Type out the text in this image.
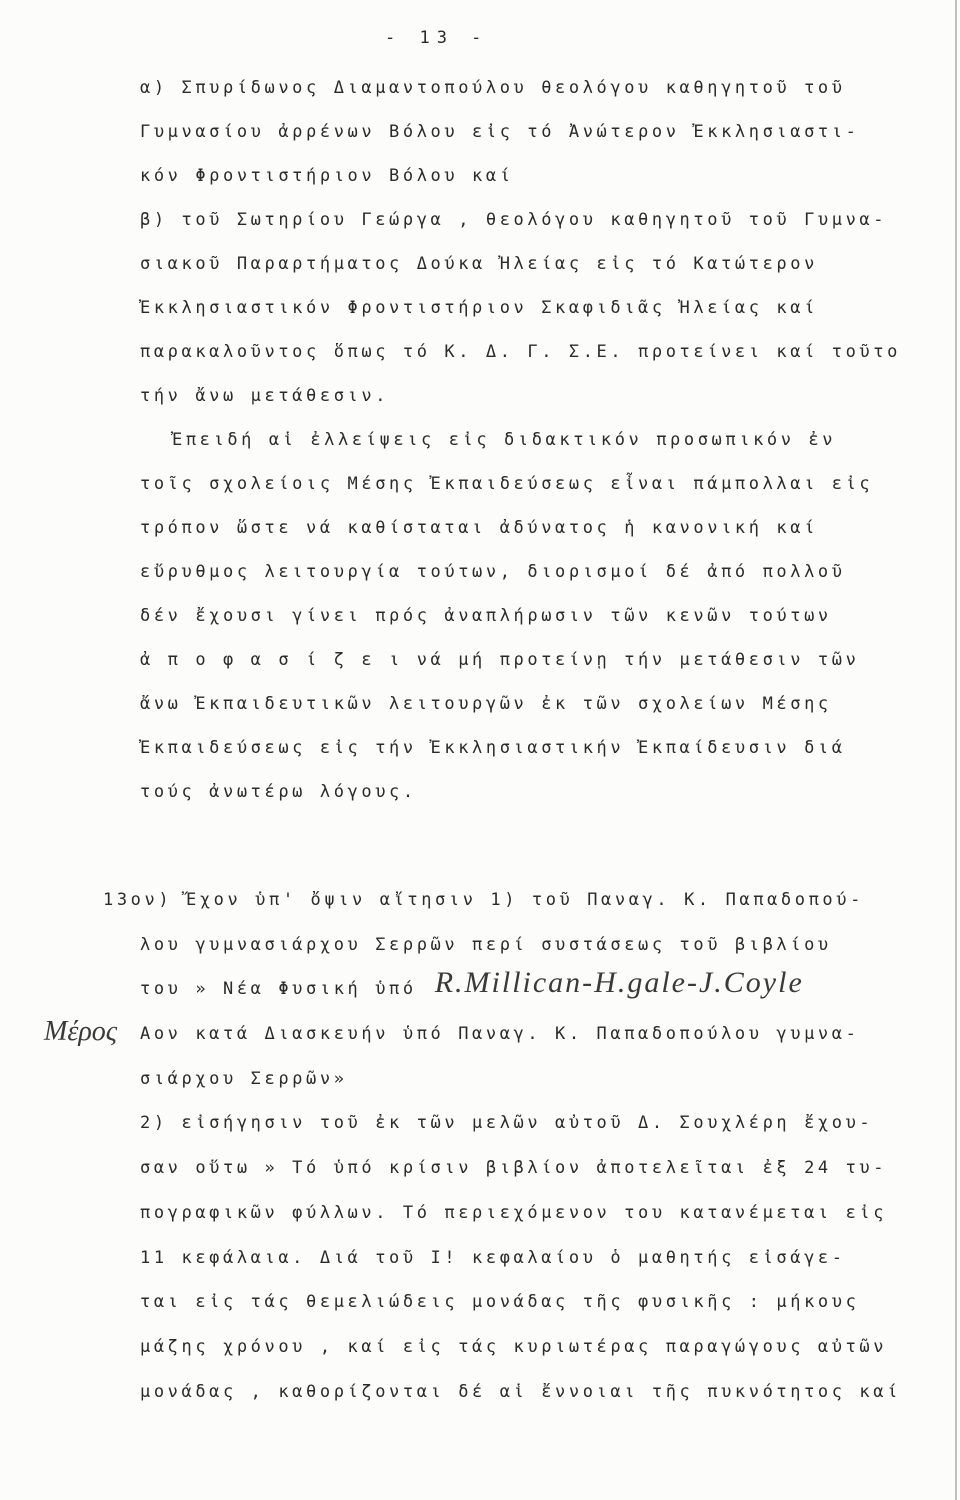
- 13 -
α) Σπυρίδωνος Διαμαντοπούλου θεολόγου καθηγητοῦ τοῦ
Γυμνασίου ἀρρένων Βόλου εἰς τό Ἀνώτερον Ἐκκλησιαστι-
κόν Φροντιστήριον Βόλου καί
β) τοῦ Σωτηρίου Γεώργα , θεολόγου καθηγητοῦ τοῦ Γυμνα-
σιακοῦ Παραρτήματος Δούκα Ἠλείας εἰς τό Κατώτερον
Ἐκκλησιαστικόν Φροντιστήριον Σκαφιδιᾶς Ἠλείας καί
παρακαλοῦντος ὅπως τό Κ. Δ. Γ. Σ.Ε. προτείνει καί τοῦτο
τήν ἄνω μετάθεσιν.
Ἐπειδή αἱ ἐλλείψεις εἰς διδακτικόν προσωπικόν ἐν
τοῖς σχολείοις Μέσης Ἐκπαιδεύσεως εἶναι πάμπολλαι εἰς
τρόπον ὥστε νά καθίσταται ἀδύνατος ἡ κανονική καί
εὔρυθμος λειτουργία τούτων, διορισμοί δέ ἀπό πολλοῦ
δέν ἔχουσι γίνει πρός ἀναπλήρωσιν τῶν κενῶν τούτων
ἀ π ο φ α σ ί ζ ε ι νά μή προτείνῃ τήν μετάθεσιν τῶν
ἄνω Ἐκπαιδευτικῶν λειτουργῶν ἐκ τῶν σχολείων Μέσης
Ἐκπαιδεύσεως εἰς τήν Ἐκκλησιαστικήν Ἐκπαίδευσιν διά
τούς ἀνωτέρω λόγους.
Μέρος
13ον) Ἔχον ὑπ' ὄψιν αἴτησιν 1) τοῦ Παναγ. Κ. Παπαδοπού-
λου γυμνασιάρχου Σερρῶν περί συστάσεως τοῦ βιβλίου
του » Νέα Φυσική ὑπό R.Millican-H.gale-J.Coyle
Αον κατά Διασκευήν ὑπό Παναγ. Κ. Παπαδοπούλου γυμνα-
σιάρχου Σερρῶν»
2) εἰσήγησιν τοῦ ἐκ τῶν μελῶν αὐτοῦ Δ. Σουχλέρη ἔχου-
σαν οὕτω » Τό ὑπό κρίσιν βιβλίον ἀποτελεῖται ἐξ 24 τυ-
πογραφικῶν φύλλων. Τό περιεχόμενον του κατανέμεται εἰς
11 κεφάλαια. Διά τοῦ Ι! κεφαλαίου ὁ μαθητής εἰσάγε-
ται εἰς τάς θεμελιώδεις μονάδας τῆς φυσικῆς : μήκους
μάζης χρόνου , καί εἰς τάς κυριωτέρας παραγώγους αὐτῶν
μονάδας , καθορίζονται δέ αἱ ἔννοιαι τῆς πυκνότητος καί
